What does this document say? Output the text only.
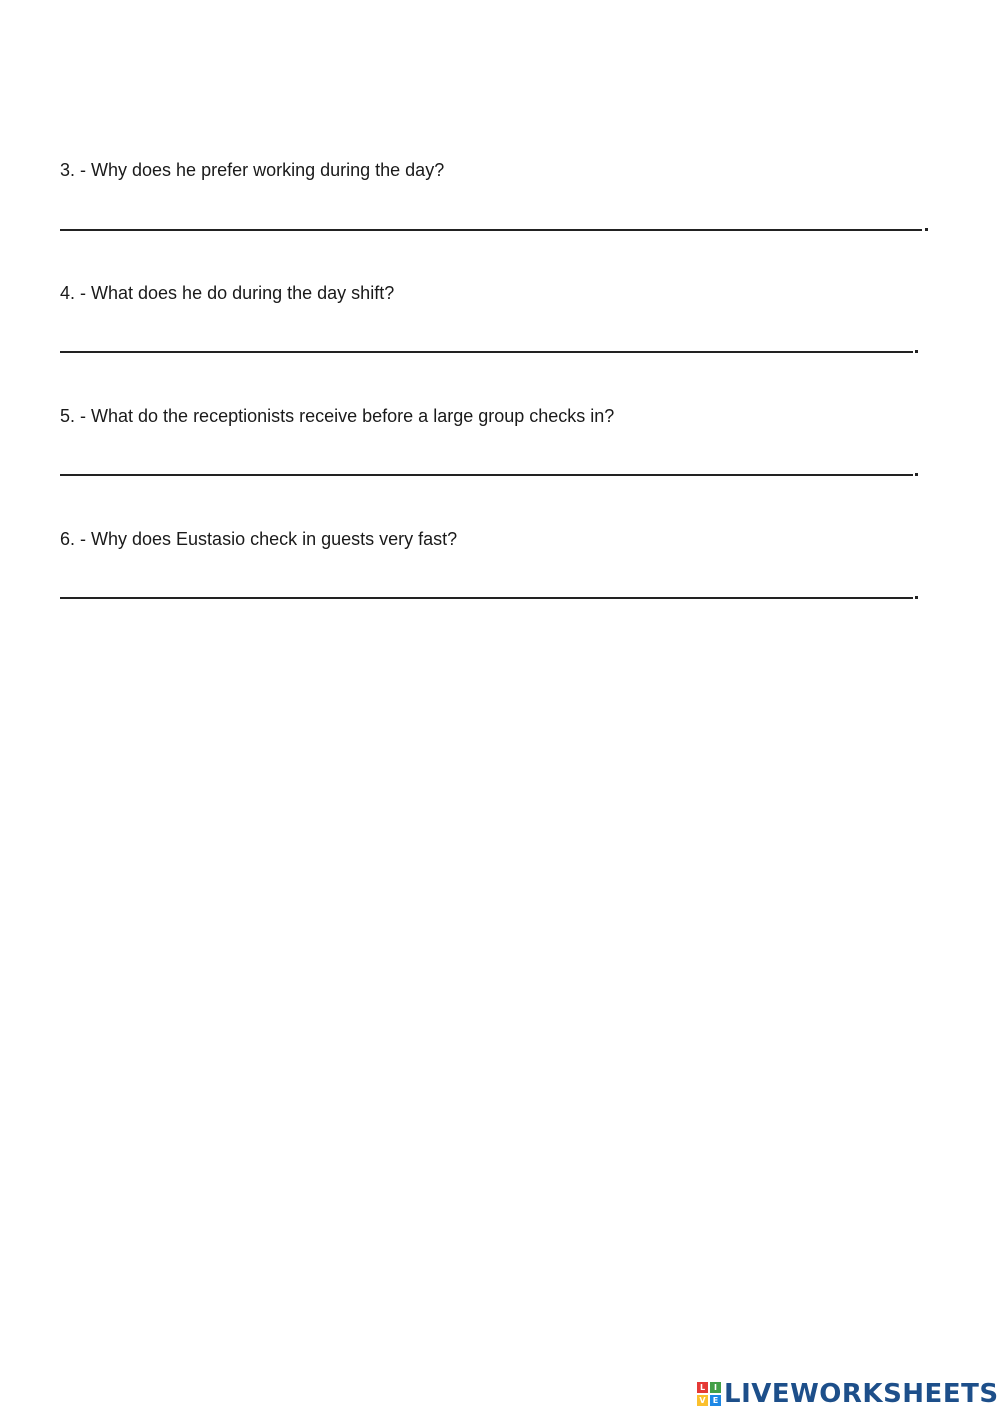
3. - Why does he prefer working during the day?
4. - What does he do during the day shift?
5. - What do the receptionists receive before a large group checks in?
6. - Why does Eustasio check in guests very fast?
L	I
V E LIVEWORKSHEETS
